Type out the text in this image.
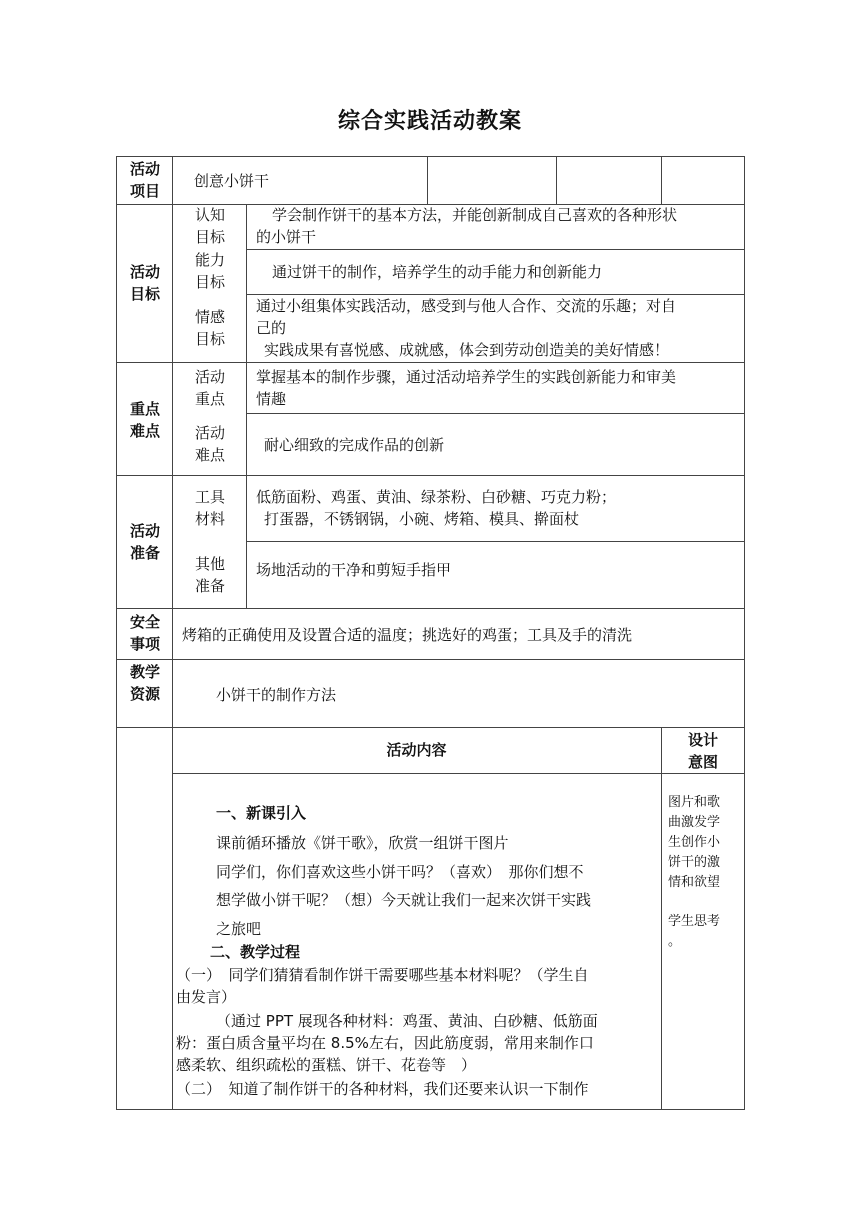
综合实践活动教案
活动
项目
创意小饼干
活动
目标
认知
目标
学会制作饼干的基本方法，并能创新制成自己喜欢的各种形状
的小饼干
能力
目标
通过饼干的制作，培养学生的动手能力和创新能力
情感
目标
通过小组集体实践活动，感受到与他人合作、交流的乐趣；对自
己的
实践成果有喜悦感、成就感，体会到劳动创造美的美好情感！
重点
难点
活动
重点
掌握基本的制作步骤，通过活动培养学生的实践创新能力和审美
情趣
活动
难点
耐心细致的完成作品的创新
活动
准备
工具
材料
低筋面粉、鸡蛋、黄油、绿茶粉、白砂糖、巧克力粉；
打蛋器，不锈钢锅，小碗、烤箱、模具、擀面杖
其他
准备
场地活动的干净和剪短手指甲
安全
事项	烤箱的正确使用及设置合适的温度；挑选好的鸡蛋；工具及手的清洗
教学
资源	小饼干的制作方法
活动内容
设计
意图
一、新课引入
课前循环播放《饼干歌》，欣赏一组饼干图片
同学们，你们喜欢这些小饼干吗？（喜欢）　那你们想不
想学做小饼干呢？（想）今天就让我们一起来次饼干实践
之旅吧
二、教学过程
（一）　同学们猜猜看制作饼干需要哪些基本材料呢？（学生自
由发言）
（通过 PPT 展现各种材料：鸡蛋、黄油、白砂糖、低筋面
粉：蛋白质含量平均在 8.5%左右，因此筋度弱，常用来制作口
感柔软、组织疏松的蛋糕、饼干、花卷等　）
（二）　知道了制作饼干的各种材料，我们还要来认识一下制作
图片和歌
曲激发学
生创作小
饼干的激
情和欲望
学生思考
。
